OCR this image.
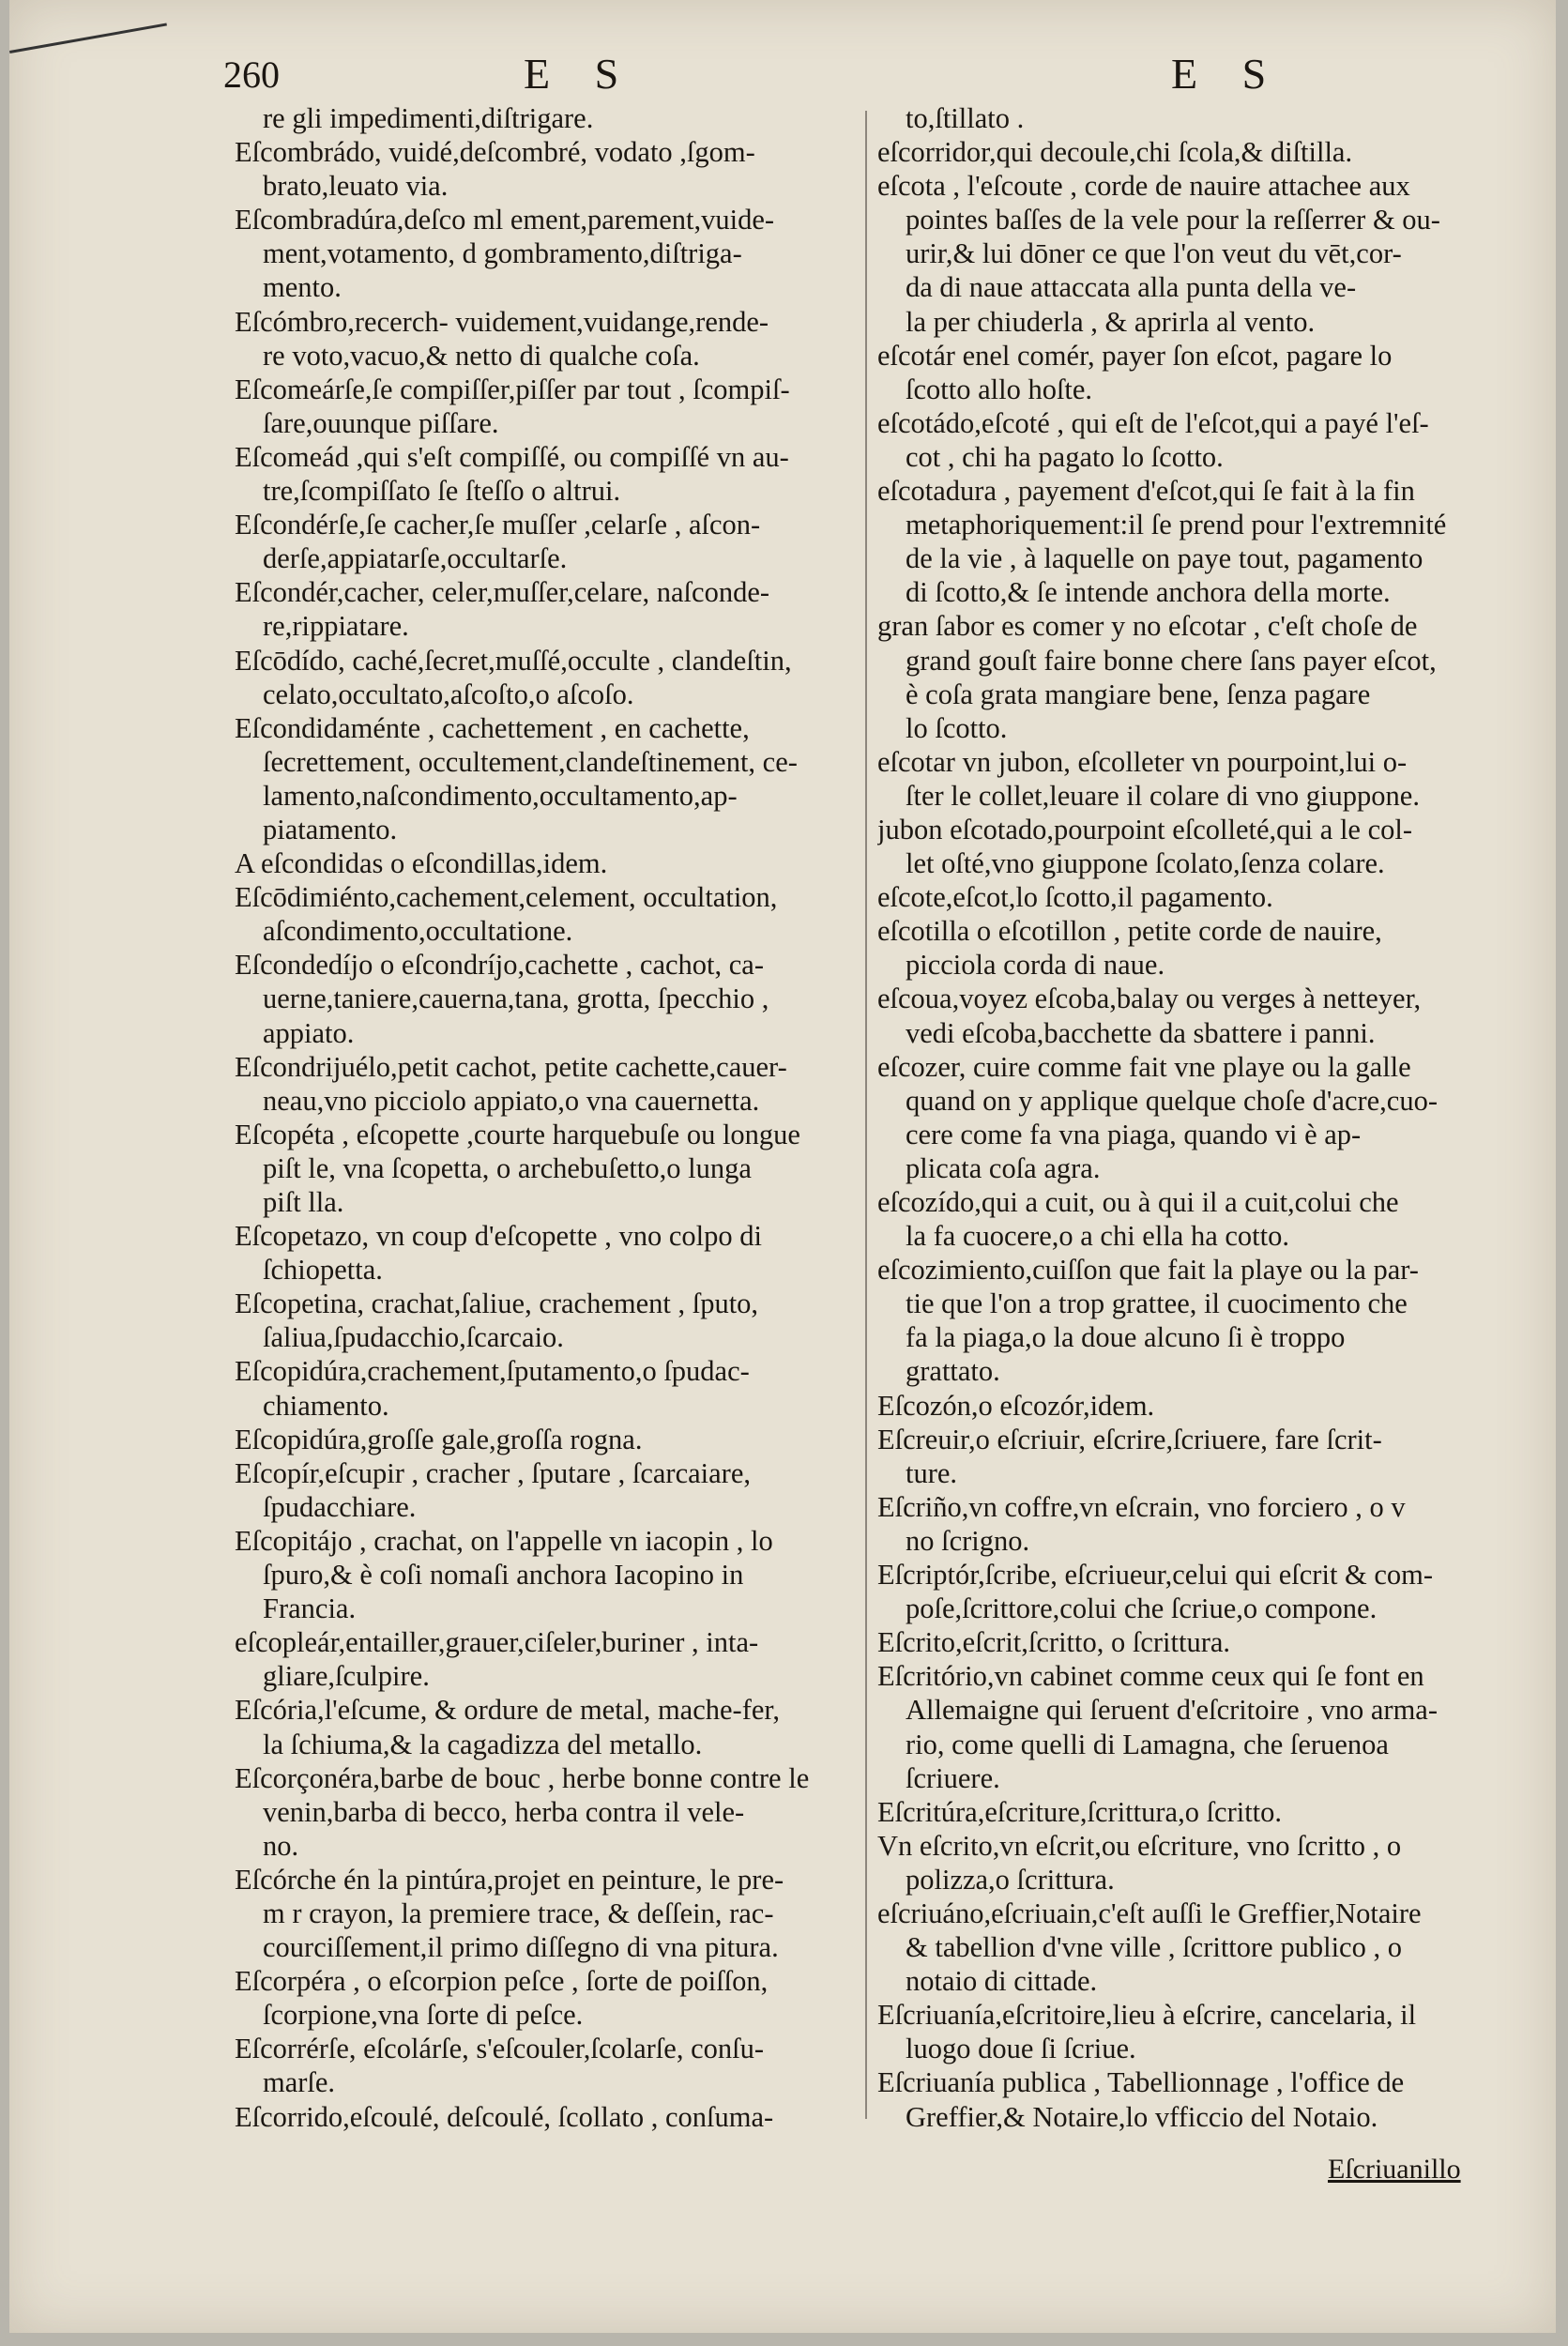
260	E S	E S
re gli impedimenti,diſtrigare.
Eſcombrádo, vuidé,deſcombré, vodato ,ſgom-
brato,leuato via.
Eſcombradúra,deſco ml ement,parement,vuide-
ment,votamento, d gombramento,diſtriga-
mento.
Eſcómbro,recerch- vuidement,vuidange,rende-
re voto,vacuo,& netto di qualche coſa.
Eſcomeárſe,ſe compiſſer,piſſer par tout , ſcompiſ-
ſare,ouunque piſſare.
Eſcomeád ,qui s'eſt compiſſé, ou compiſſé vn au-
tre,ſcompiſſato ſe ſteſſo o altrui.
Eſcondérſe,ſe cacher,ſe muſſer ,celarſe , aſcon-
derſe,appiatarſe,occultarſe.
Eſcondér,cacher, celer,muſſer,celare, naſconde-
re,rippiatare.
Eſcōdído, caché,ſecret,muſſé,occulte , clandeſtin,
celato,occultato,aſcoſto,o aſcoſo.
Eſcondidaménte , cachettement , en cachette,
ſecrettement, occultement,clandeſtinement, ce-
lamento,naſcondimento,occultamento,ap-
piatamento.
A eſcondidas o eſcondillas,idem.
Eſcōdimiénto,cachement,celement, occultation,
aſcondimento,occultatione.
Eſcondedíjo o eſcondríjo,cachette , cachot, ca-
uerne,taniere,cauerna,tana, grotta, ſpecchio ,
appiato.
Eſcondrijuélo,petit cachot, petite cachette,cauer-
neau,vno picciolo appiato,o vna cauernetta.
Eſcopéta , eſcopette ,courte harquebuſe ou longue
piſt le, vna ſcopetta, o archebuſetto,o lunga
piſt lla.
Eſcopetazo, vn coup d'eſcopette , vno colpo di
ſchiopetta.
Eſcopetina, crachat,ſaliue, crachement , ſputo,
ſaliua,ſpudacchio,ſcarcaio.
Eſcopidúra,crachement,ſputamento,o ſpudac-
chiamento.
Eſcopidúra,groſſe gale,groſſa rogna.
Eſcopír,eſcupir , cracher , ſputare , ſcarcaiare,
ſpudacchiare.
Eſcopitájo , crachat, on l'appelle vn iacopin , lo
ſpuro,& è coſi nomaſi anchora Iacopino in
Francia.
eſcopleár,entailler,grauer,ciſeler,buriner , inta-
gliare,ſculpire.
Eſcória,l'eſcume, & ordure de metal, mache-fer,
la ſchiuma,& la cagadizza del metallo.
Eſcorçonéra,barbe de bouc , herbe bonne contre le
venin,barba di becco, herba contra il vele-
no.
Eſcórche én la pintúra,projet en peinture, le pre-
m r crayon, la premiere trace, & deſſein, rac-
courciſſement,il primo diſſegno di vna pitura.
Eſcorpéra , o eſcorpion peſce , ſorte de poiſſon,
ſcorpione,vna ſorte di peſce.
Eſcorrérſe, eſcolárſe, s'eſcouler,ſcolarſe, conſu-
marſe.
Eſcorrido,eſcoulé, deſcoulé, ſcollato , conſuma-
to,ſtillato .
eſcorridor,qui decoule,chi ſcola,& diſtilla.
eſcota , l'eſcoute , corde de nauire attachee aux
pointes baſſes de la vele pour la reſſerrer & ou-
urir,& lui dōner ce que l'on veut du vēt,cor-
da di naue attaccata alla punta della ve-
la per chiuderla , & aprirla al vento.
eſcotár enel comér, payer ſon eſcot, pagare lo
ſcotto allo hoſte.
eſcotádo,eſcoté , qui eſt de l'eſcot,qui a payé l'eſ-
cot , chi ha pagato lo ſcotto.
eſcotadura , payement d'eſcot,qui ſe fait à la fin
metaphoriquement:il ſe prend pour l'extremnité
de la vie , à laquelle on paye tout, pagamento
di ſcotto,& ſe intende anchora della morte.
gran ſabor es comer y no eſcotar , c'eſt choſe de
grand gouſt faire bonne chere ſans payer eſcot,
è coſa grata mangiare bene, ſenza pagare
lo ſcotto.
eſcotar vn jubon, eſcolleter vn pourpoint,lui o-
ſter le collet,leuare il colare di vno giuppone.
jubon eſcotado,pourpoint eſcolleté,qui a le col-
let oſté,vno giuppone ſcolato,ſenza colare.
eſcote,eſcot,lo ſcotto,il pagamento.
eſcotilla o eſcotillon , petite corde de nauire,
picciola corda di naue.
eſcoua,voyez eſcoba,balay ou verges à netteyer,
vedi eſcoba,bacchette da sbattere i panni.
eſcozer, cuire comme fait vne playe ou la galle
quand on y applique quelque choſe d'acre,cuo-
cere come fa vna piaga, quando vi è ap-
plicata coſa agra.
eſcozído,qui a cuit, ou à qui il a cuit,colui che
la fa cuocere,o a chi ella ha cotto.
eſcozimiento,cuiſſon que fait la playe ou la par-
tie que l'on a trop grattee, il cuocimento che
fa la piaga,o la doue alcuno ſi è troppo
grattato.
Eſcozón,o eſcozór,idem.
Eſcreuir,o eſcriuir, eſcrire,ſcriuere, fare ſcrit-
ture.
Eſcriño,vn coffre,vn eſcrain, vno forciero , o v
no ſcrigno.
Eſcriptór,ſcribe, eſcriueur,celui qui eſcrit & com-
poſe,ſcrittore,colui che ſcriue,o compone.
Eſcrito,eſcrit,ſcritto, o ſcrittura.
Eſcritório,vn cabinet comme ceux qui ſe font en
Allemaigne qui ſeruent d'eſcritoire , vno arma-
rio, come quelli di Lamagna, che ſeruenoa
ſcriuere.
Eſcritúra,eſcriture,ſcrittura,o ſcritto.
Vn eſcrito,vn eſcrit,ou eſcriture, vno ſcritto , o
polizza,o ſcrittura.
eſcriuáno,eſcriuain,c'eſt auſſi le Greffier,Notaire
& tabellion d'vne ville , ſcrittore publico , o
notaio di cittade.
Eſcriuanía,eſcritoire,lieu à eſcrire, cancelaria, il
luogo doue ſi ſcriue.
Eſcriuanía publica , Tabellionnage , l'office de
Greffier,& Notaire,lo vfficcio del Notaio.
Eſcriuanillo
